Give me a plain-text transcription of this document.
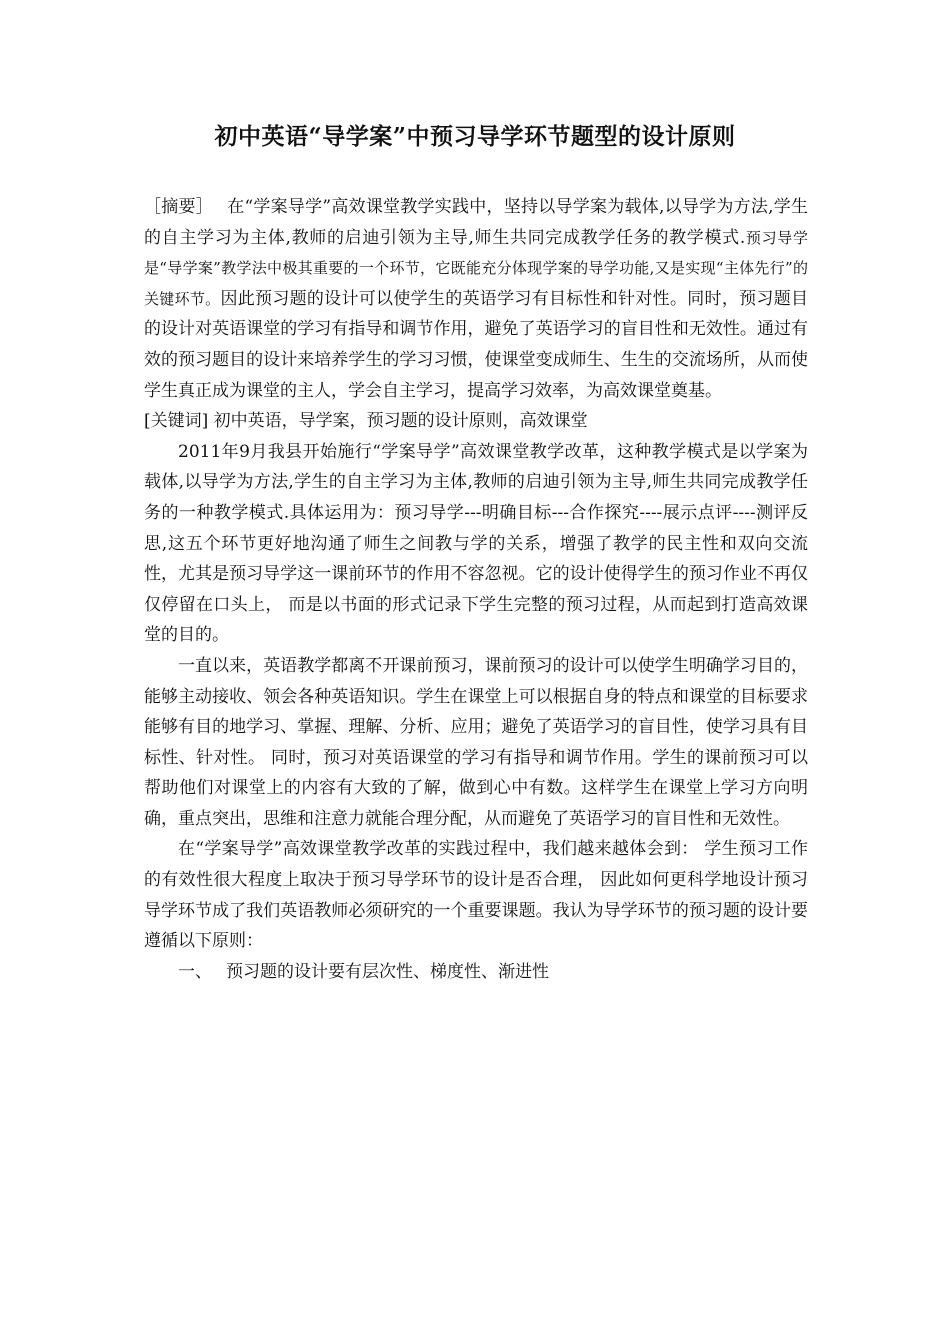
初中英语“导学案”中预习导学环节题型的设计原则

［摘要］ 在“学案导学”高效课堂教学实践中，坚持以导学案为载体,以导学为方法,学生的自主学习为主体,教师的启迪引领为主导,师生共同完成教学任务的教学模式.预习导学是“导学案”教学法中极其重要的一个环节，它既能充分体现学案的导学功能,又是实现“主体先行”的关键环节。因此预习题的设计可以使学生的英语学习有目标性和针对性。同时，预习题目的设计对英语课堂的学习有指导和调节作用，避免了英语学习的盲目性和无效性。通过有效的预习题目的设计来培养学生的学习习惯，使课堂变成师生、生生的交流场所，从而使学生真正成为课堂的主人，学会自主学习，提高学习效率，为高效课堂奠基。

[关键词] 初中英语，导学案，预习题的设计原则，高效课堂

2011年9月我县开始施行“学案导学”高效课堂教学改革，这种教学模式是以学案为载体,以导学为方法,学生的自主学习为主体,教师的启迪引领为主导,师生共同完成教学任务的一种教学模式.具体运用为：预习导学---明确目标---合作探究----展示点评----测评反思,这五个环节更好地沟通了师生之间教与学的关系，增强了教学的民主性和双向交流性，尤其是预习导学这一课前环节的作用不容忽视。它的设计使得学生的预习作业不再仅仅停留在口头上， 而是以书面的形式记录下学生完整的预习过程，从而起到打造高效课堂的目的。

一直以来，英语教学都离不开课前预习，课前预习的设计可以使学生明确学习目的，能够主动接收、领会各种英语知识。学生在课堂上可以根据自身的特点和课堂的目标要求能够有目的地学习、掌握、理解、分析、应用；避免了英语学习的盲目性，使学习具有目标性、针对性。 同时，预习对英语课堂的学习有指导和调节作用。学生的课前预习可以帮助他们对课堂上的内容有大致的了解，做到心中有数。这样学生在课堂上学习方向明确，重点突出，思维和注意力就能合理分配，从而避免了英语学习的盲目性和无效性。

在“学案导学”高效课堂教学改革的实践过程中，我们越来越体会到： 学生预习工作的有效性很大程度上取决于预习导学环节的设计是否合理， 因此如何更科学地设计预习导学环节成了我们英语教师必须研究的一个重要课题。我认为导学环节的预习题的设计要遵循以下原则：

一、 预习题的设计要有层次性、梯度性、渐进性
